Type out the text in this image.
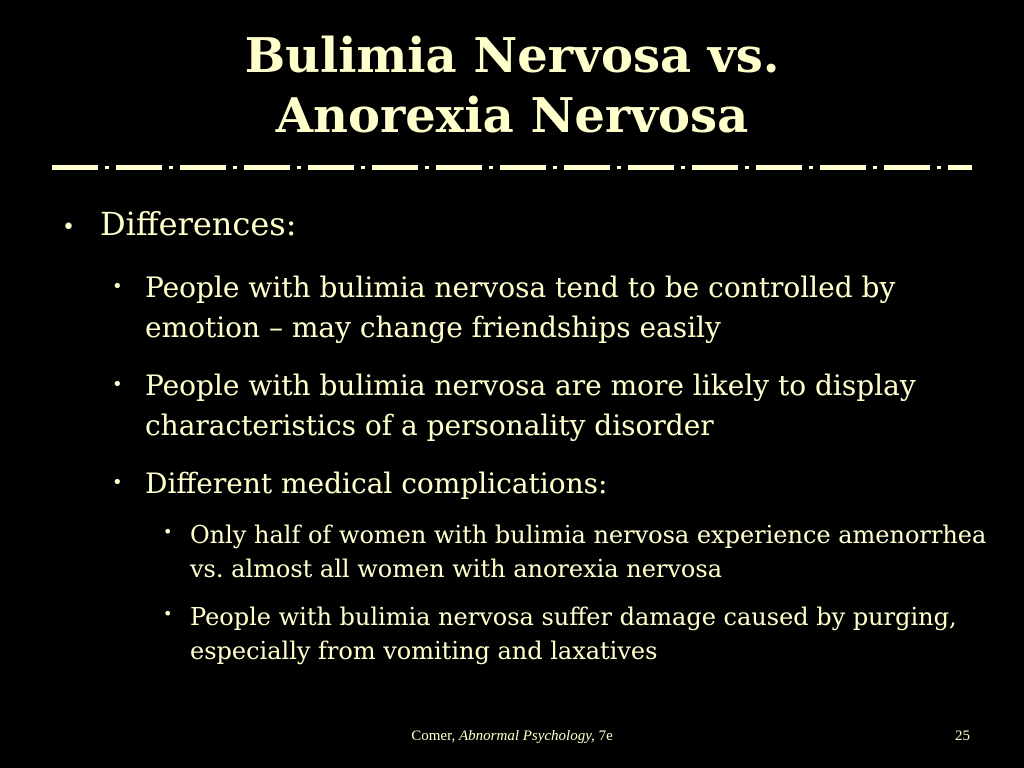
Bulimia Nervosa vs.
Anorexia Nervosa
• Differences:
• People with bulimia nervosa tend to be controlled by emotion – may change friendships easily
• People with bulimia nervosa are more likely to display characteristics of a personality disorder
• Different medical complications:
• Only half of women with bulimia nervosa experience amenorrhea vs. almost all women with anorexia nervosa
• People with bulimia nervosa suffer damage caused by purging, especially from vomiting and laxatives
Comer, Abnormal Psychology, 7e	25
